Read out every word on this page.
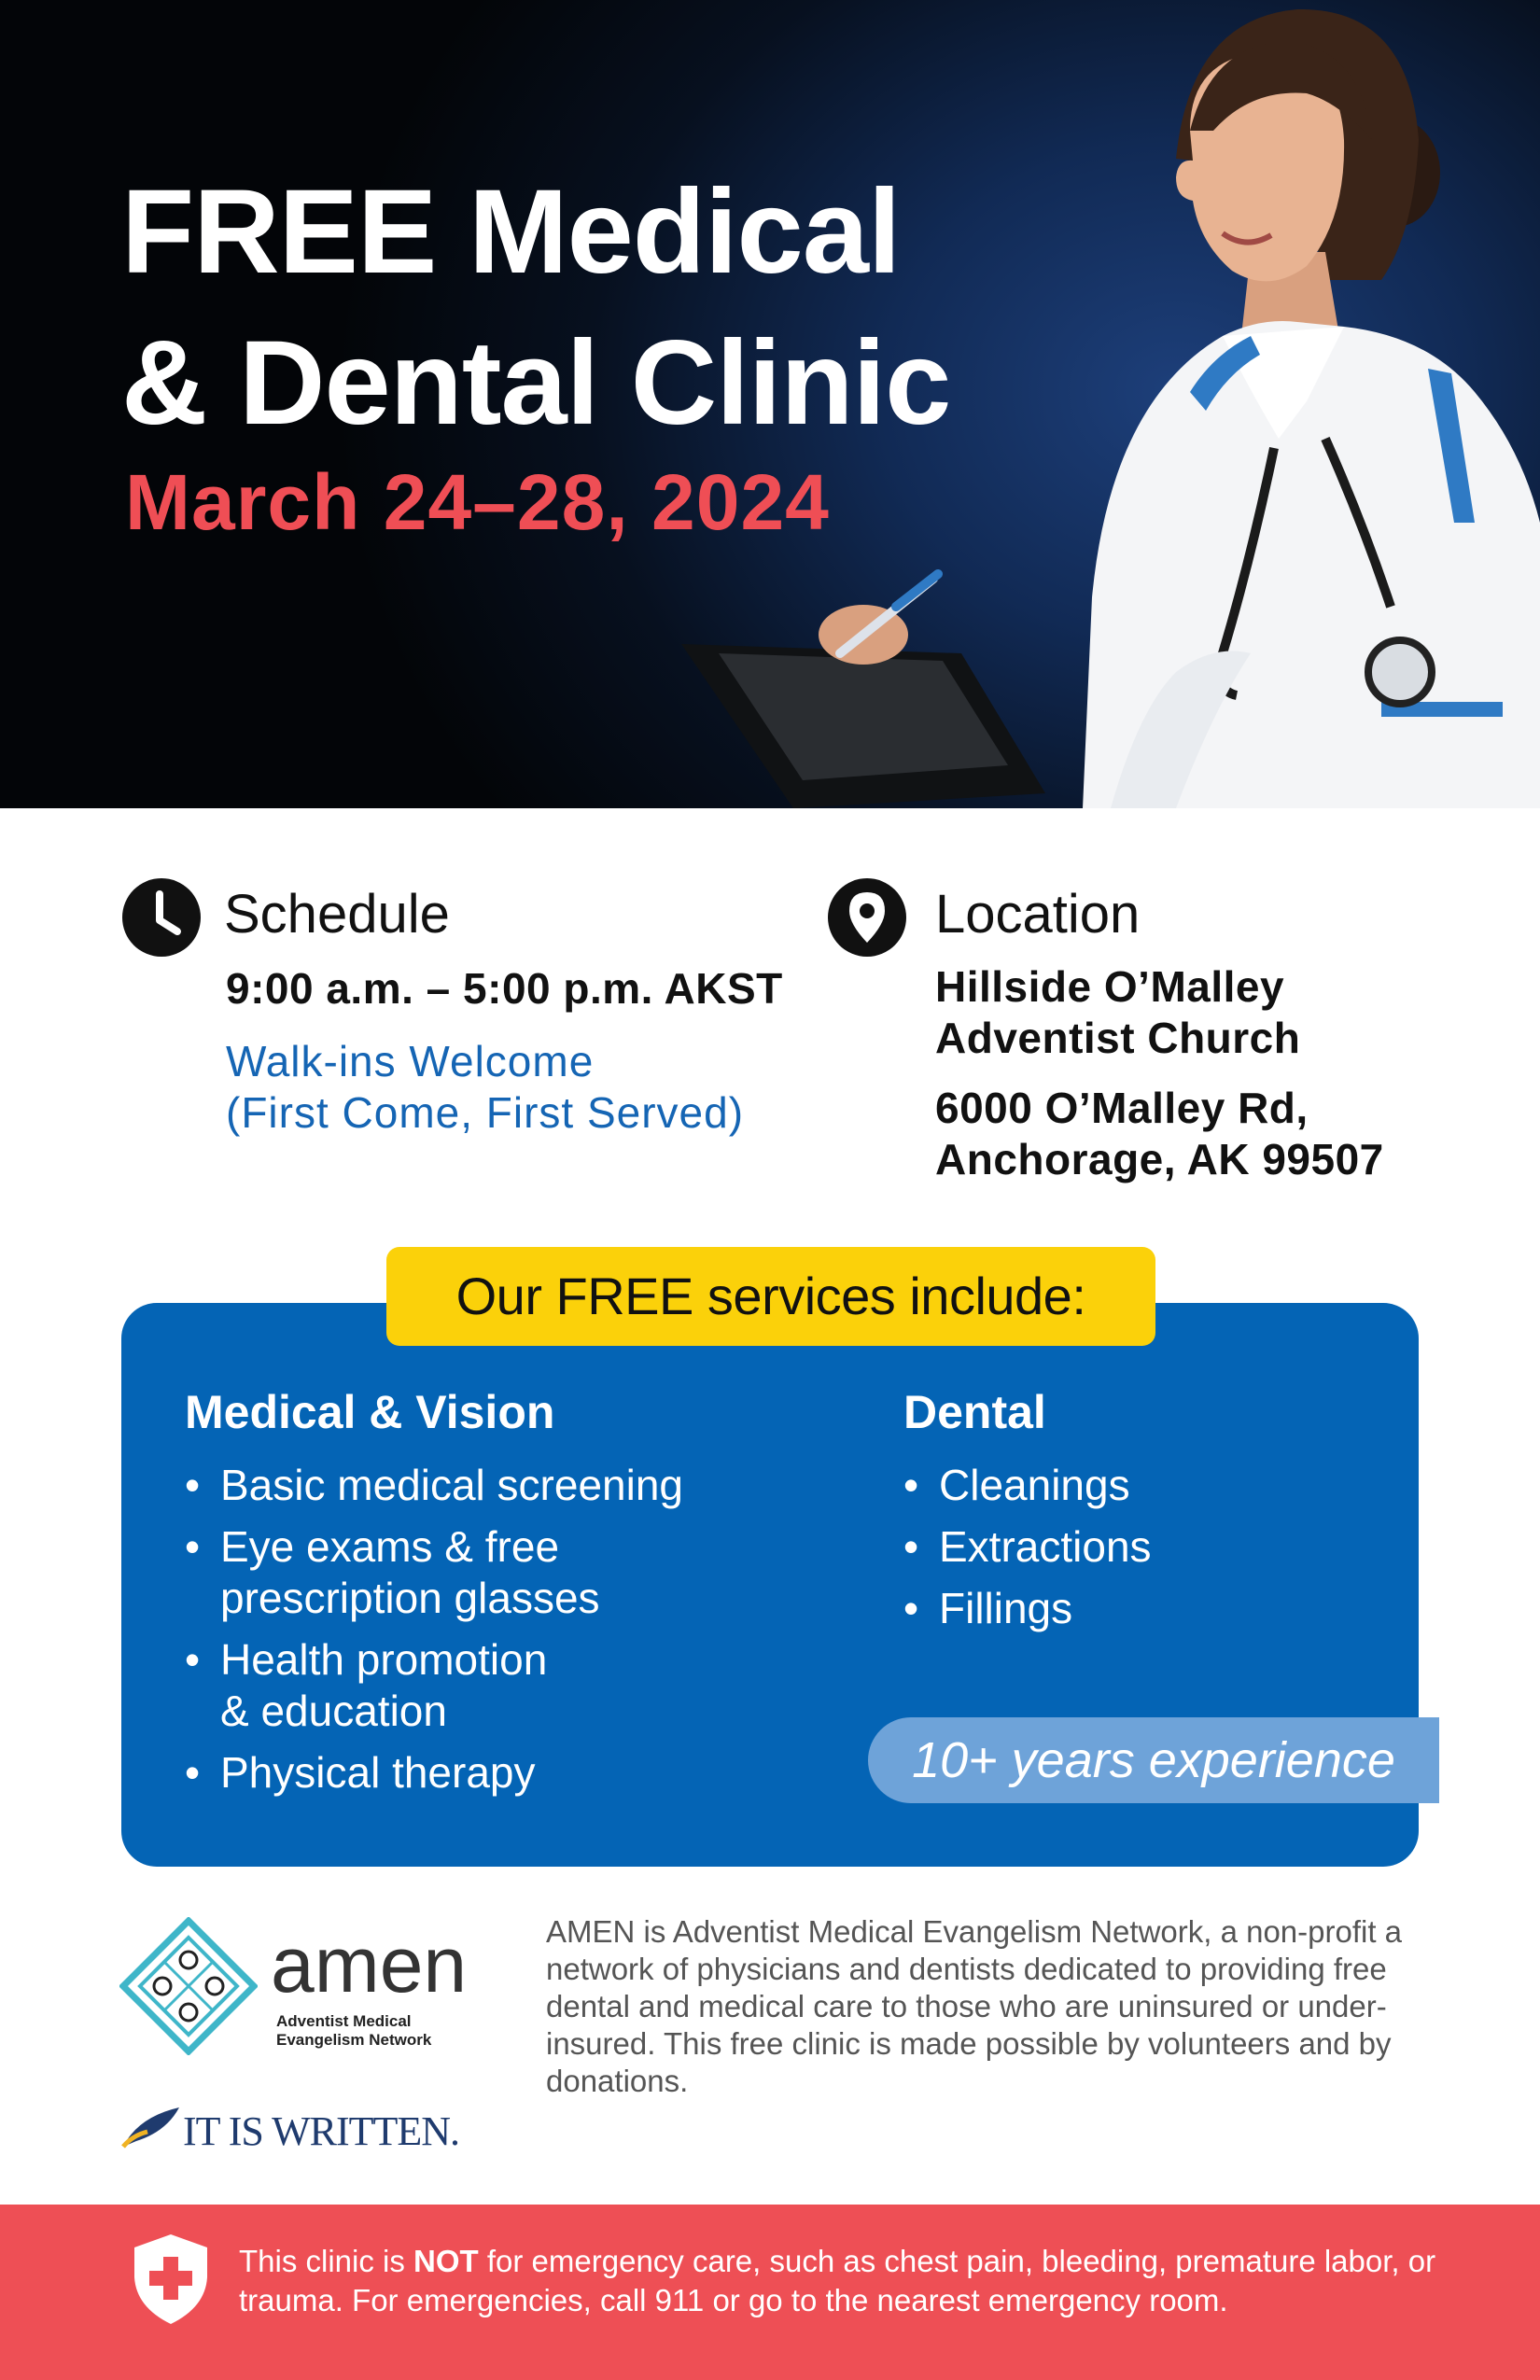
FREE Medical
& Dental Clinic
March 24–28, 2024
Schedule
9:00 a.m. – 5:00 p.m. AKST
Walk-ins Welcome
(First Come, First Served)
Location
Hillside O’Malley
Adventist Church
6000 O’Malley Rd,
Anchorage, AK 99507
Our FREE services include:
Medical & Vision
• Basic medical screening
• Eye exams & free
prescription glasses
• Health promotion
& education
• Physical therapy
Dental
• Cleanings
• Extractions
• Fillings
10+ years experience
amen
Adventist Medical
Evangelism Network
IT IS WRITTEN.
AMEN is Adventist Medical Evangelism Network, a non-profit a network of physicians and dentists dedicated to providing free dental and medical care to those who are uninsured or under-insured. This free clinic is made possible by volunteers and by donations.
This clinic is NOT for emergency care, such as chest pain, bleeding, premature labor, or trauma. For emergencies, call 911 or go to the nearest emergency room.
